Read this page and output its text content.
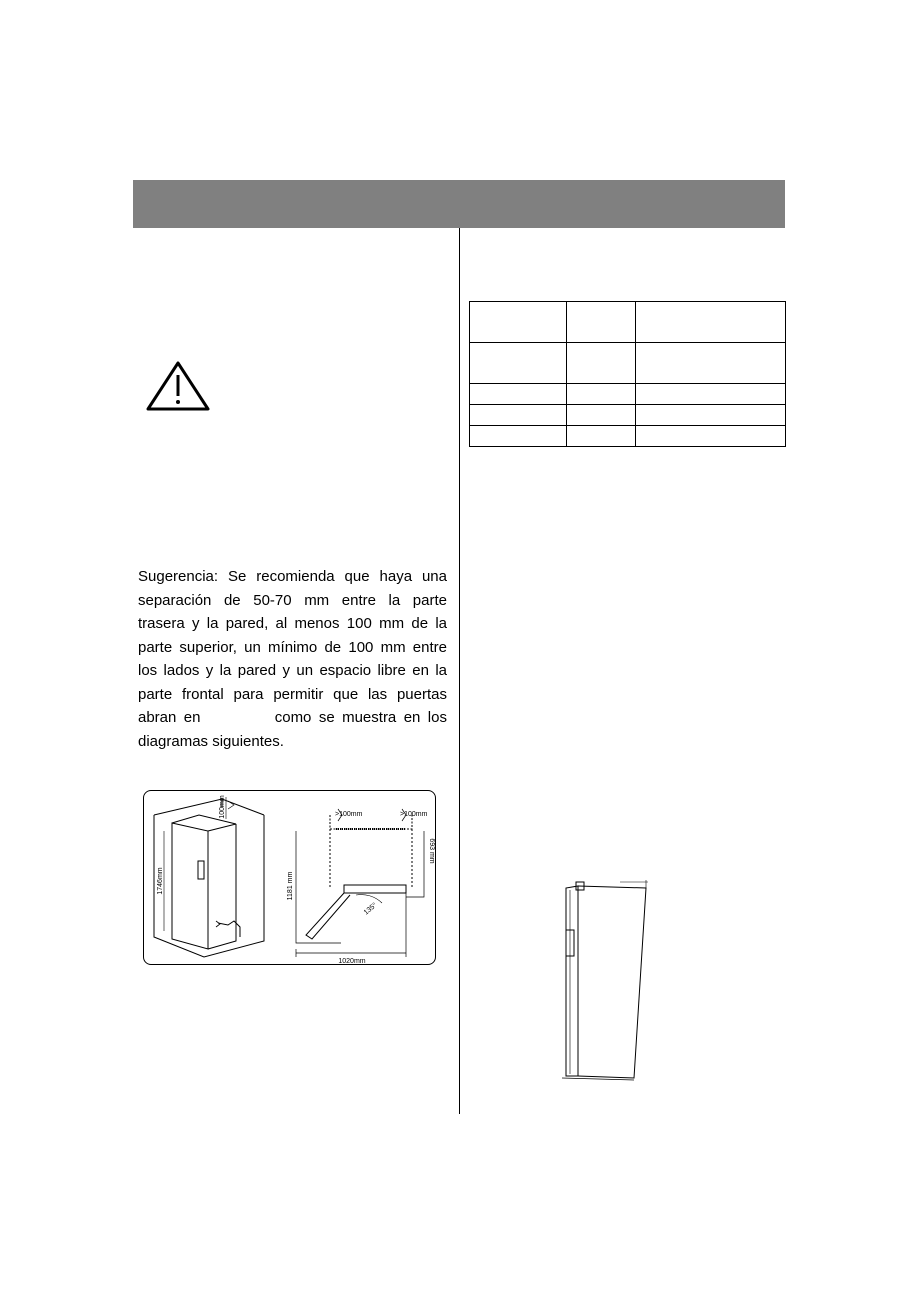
Sugerencia: Se recomienda que haya una
separación de 50-70 mm entre la parte
trasera y la pared, al menos 100 mm de la
parte superior, un mínimo de 100 mm entre
los lados y la pared y un espacio libre en la
parte frontal para permitir que las puertas
abran en          como se muestra en los
diagramas siguientes.
1746mm
100mm	>100mm	>100mm
693 mm
1181 mm
1020mm
135°
